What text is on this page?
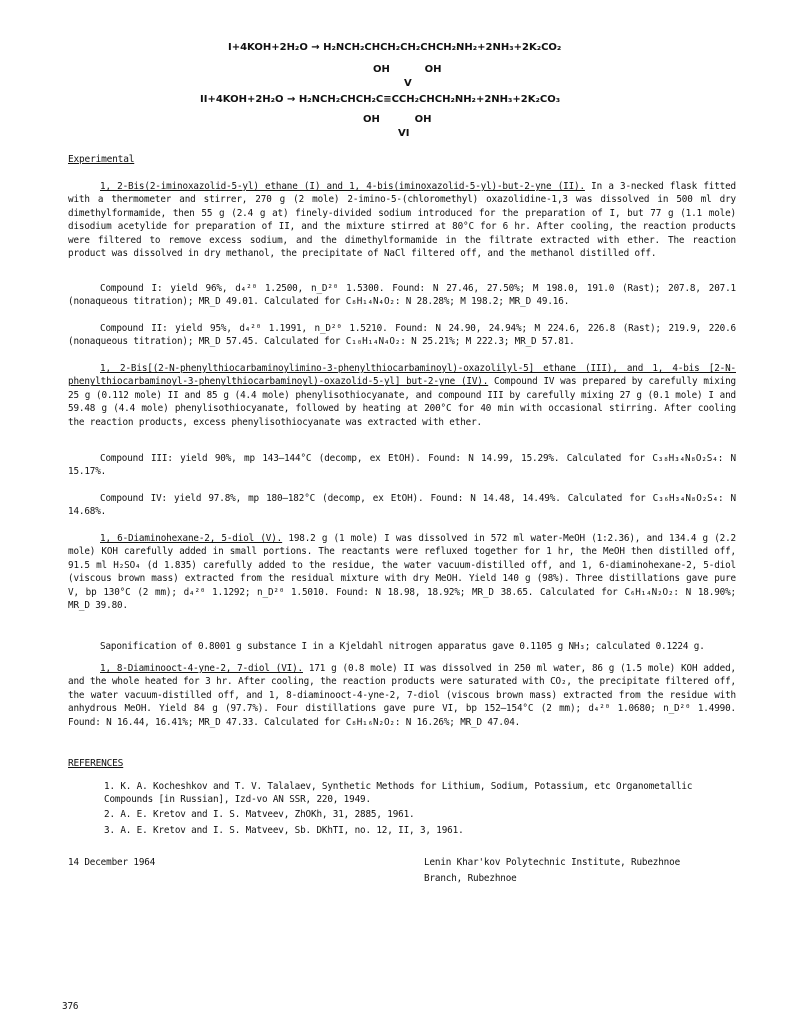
I+4KOH+2H₂O → H₂NCH₂CHCH₂CH₂CHCH₂NH₂+2NH₃+2K₂CO₂
OH          OH
V
II+4KOH+2H₂O → H₂NCH₂CHCH₂C≡CCH₂CHCH₂NH₂+2NH₃+2K₂CO₃
OH          OH
VI
Experimental
1, 2-Bis(2-iminoxazolid-5-yl) ethane (I) and 1, 4-bis(iminoxazolid-5-yl)-but-2-yne (II). In a 3-necked flask fitted with a thermometer and stirrer, 270 g (2 mole) 2-imino-5-(chloromethyl) oxazolidine-1,3 was dissolved in 500 ml dry dimethylformamide, then 55 g (2.4 g at) finely-divided sodium introduced for the preparation of I, but 77 g (1.1 mole) disodium acetylide for preparation of II, and the mixture stirred at 80°C for 6 hr. After cooling, the reaction products were filtered to remove excess sodium, and the dimethylformamide in the filtrate extracted with ether. The reaction product was dissolved in dry methanol, the precipitate of NaCl filtered off, and the methanol distilled off.
Compound I: yield 96%, d₄²⁰ 1.2500, n_D²⁰ 1.5300. Found: N 27.46, 27.50%; M 198.0, 191.0 (Rast); 207.8, 207.1 (nonaqueous titration); MR_D 49.01. Calculated for C₈H₁₄N₄O₂: N 28.28%; M 198.2; MR_D 49.16.
Compound II: yield 95%, d₄²⁰ 1.1991, n_D²⁰ 1.5210. Found: N 24.90, 24.94%; M 224.6, 226.8 (Rast); 219.9, 220.6 (nonaqueous titration); MR_D 57.45. Calculated for C₁₀H₁₄N₄O₂: N 25.21%; M 222.3; MR_D 57.81.
1, 2-Bis[(2-N-phenylthiocarbaminoylimino-3-phenylthiocarbaminoyl)-oxazolilyl-5] ethane (III), and 1, 4-bis [2-N-phenylthiocarbaminoyl-3-phenylthiocarbaminoyl)-oxazolid-5-yl] but-2-yne (IV). Compound IV was prepared by carefully mixing 25 g (0.112 mole) II and 85 g (4.4 mole) phenylisothiocyanate, and compound III by carefully mixing 27 g (0.1 mole) I and 59.48 g (4.4 mole) phenylisothiocyanate, followed by heating at 200°C for 40 min with occasional stirring. After cooling the reaction products, excess phenylisothiocyanate was extracted with ether.
Compound III: yield 90%, mp 143–144°C (decomp, ex EtOH). Found: N 14.99, 15.29%. Calculated for C₃₈H₃₄N₈O₂S₄: N 15.17%.
Compound IV: yield 97.8%, mp 180–182°C (decomp, ex EtOH). Found: N 14.48, 14.49%. Calculated for C₃₆H₃₄N₈O₂S₄: N 14.68%.
1, 6-Diaminohexane-2, 5-diol (V). 198.2 g (1 mole) I was dissolved in 572 ml water-MeOH (1:2.36), and 134.4 g (2.2 mole) KOH carefully added in small portions. The reactants were refluxed together for 1 hr, the MeOH then distilled off, 91.5 ml H₂SO₄ (d 1.835) carefully added to the residue, the water vacuum-distilled off, and 1, 6-diaminohexane-2, 5-diol (viscous brown mass) extracted from the residual mixture with dry MeOH. Yield 140 g (98%). Three distillations gave pure V, bp 130°C (2 mm); d₄²⁰ 1.1292; n_D²⁰ 1.5010. Found: N 18.98, 18.92%; MR_D 38.65. Calculated for C₆H₁₄N₂O₂: N 18.90%; MR_D 39.80.
Saponification of 0.8001 g substance I in a Kjeldahl nitrogen apparatus gave 0.1105 g NH₃; calculated 0.1224 g.
1, 8-Diaminooct-4-yne-2, 7-diol (VI). 171 g (0.8 mole) II was dissolved in 250 ml water, 86 g (1.5 mole) KOH added, and the whole heated for 3 hr. After cooling, the reaction products were saturated with CO₂, the precipitate filtered off, the water vacuum-distilled off, and 1, 8-diaminooct-4-yne-2, 7-diol (viscous brown mass) extracted from the residue with anhydrous MeOH. Yield 84 g (97.7%). Four distillations gave pure VI, bp 152–154°C (2 mm); d₄²⁰ 1.0680; n_D²⁰ 1.4990. Found: N 16.44, 16.41%; MR_D 47.33. Calculated for C₈H₁₆N₂O₂: N 16.26%; MR_D 47.04.
REFERENCES
1. K. A. Kocheshkov and T. V. Talalaev, Synthetic Methods for Lithium, Sodium, Potassium, etc Organometallic Compounds [in Russian], Izd-vo AN SSR, 220, 1949.
2. A. E. Kretov and I. S. Matveev, ZhOKh, 31, 2885, 1961.
3. A. E. Kretov and I. S. Matveev, Sb. DKhTI, no. 12, II, 3, 1961.
14 December 1964	Lenin Khar'kov Polytechnic Institute, Rubezhnoe
Branch, Rubezhnoe
376
